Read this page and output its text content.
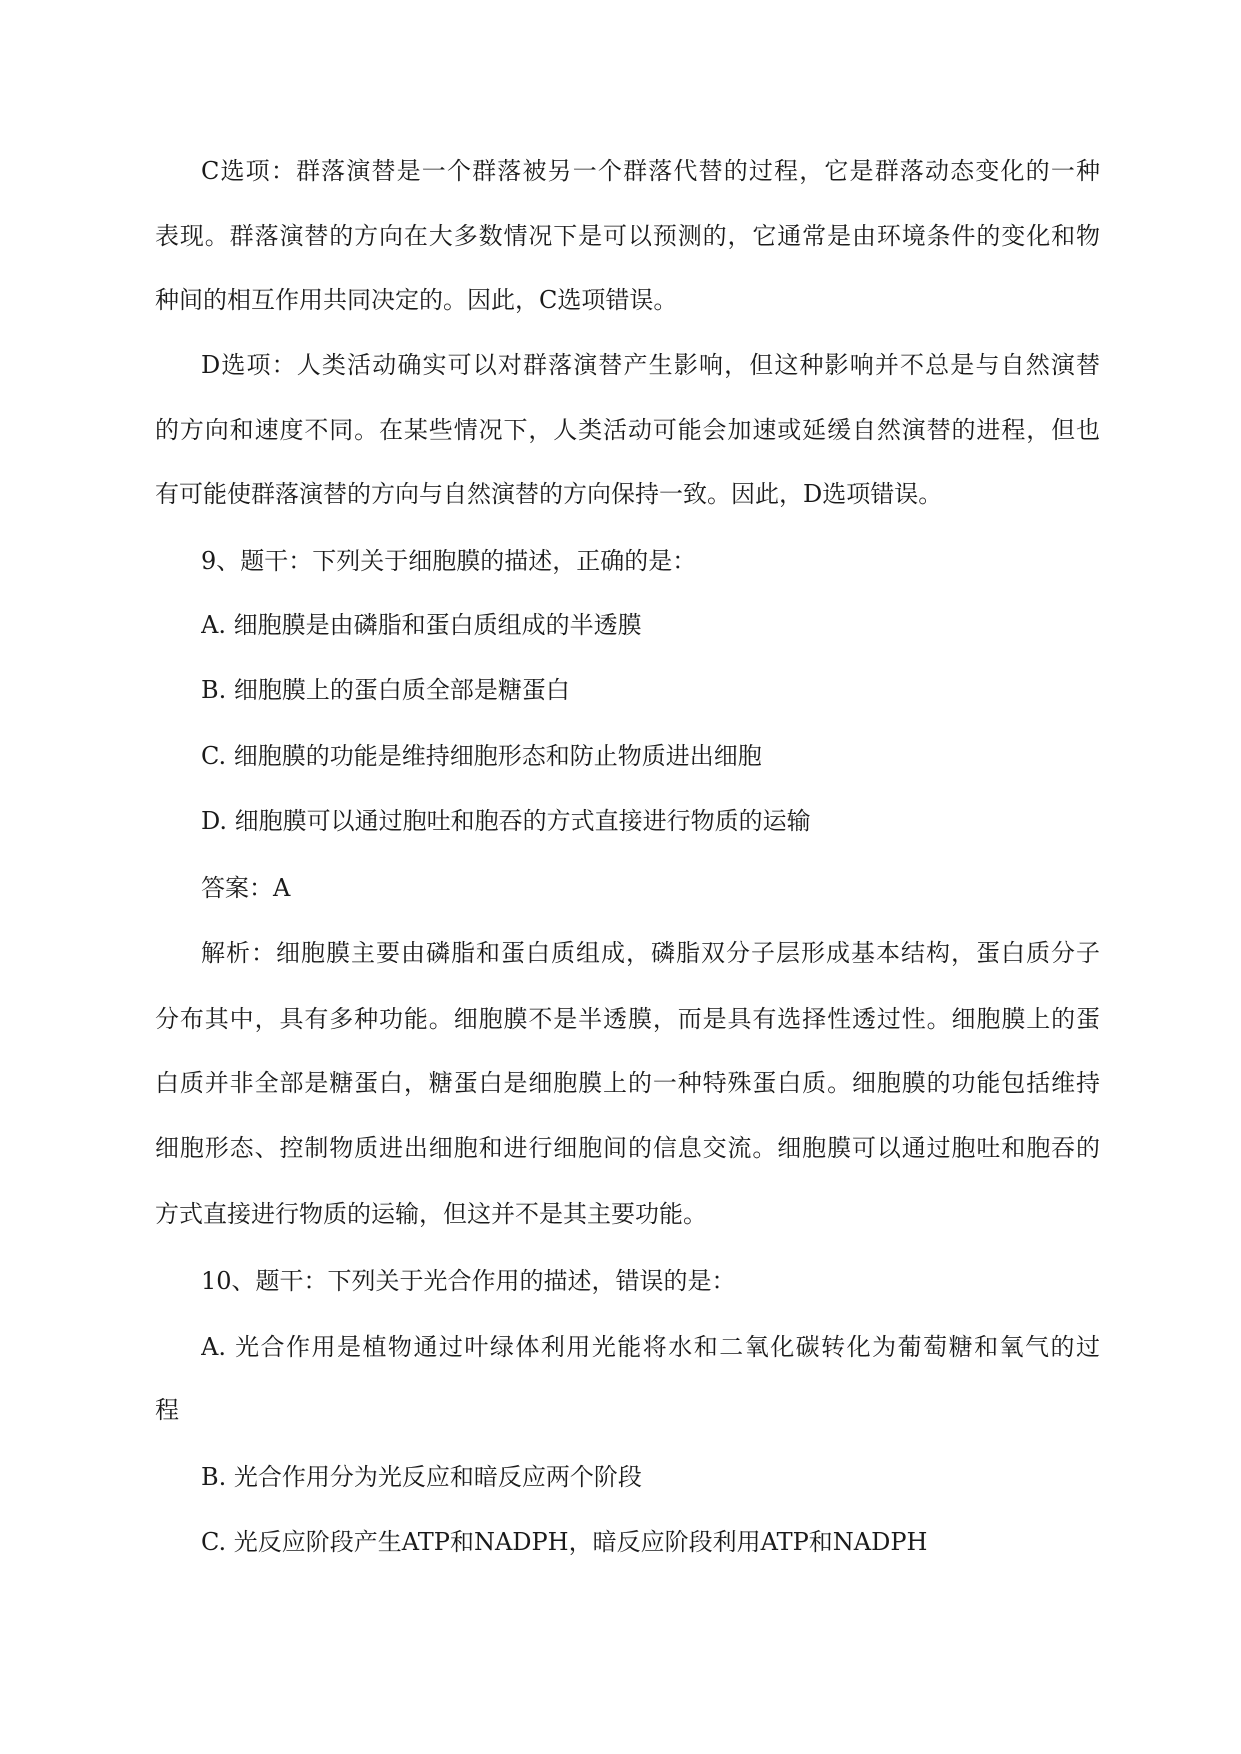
C选项：群落演替是一个群落被另一个群落代替的过程，它是群落动态变化的一种

表现。群落演替的方向在大多数情况下是可以预测的，它通常是由环境条件的变化和物

种间的相互作用共同决定的。因此，C选项错误。

D选项：人类活动确实可以对群落演替产生影响，但这种影响并不总是与自然演替

的方向和速度不同。在某些情况下，人类活动可能会加速或延缓自然演替的进程，但也

有可能使群落演替的方向与自然演替的方向保持一致。因此，D选项错误。

9、题干：下列关于细胞膜的描述，正确的是：

A. 细胞膜是由磷脂和蛋白质组成的半透膜

B. 细胞膜上的蛋白质全部是糖蛋白

C. 细胞膜的功能是维持细胞形态和防止物质进出细胞

D. 细胞膜可以通过胞吐和胞吞的方式直接进行物质的运输

答案：A

解析：细胞膜主要由磷脂和蛋白质组成，磷脂双分子层形成基本结构，蛋白质分子

分布其中，具有多种功能。细胞膜不是半透膜，而是具有选择性透过性。细胞膜上的蛋

白质并非全部是糖蛋白，糖蛋白是细胞膜上的一种特殊蛋白质。细胞膜的功能包括维持

细胞形态、控制物质进出细胞和进行细胞间的信息交流。细胞膜可以通过胞吐和胞吞的

方式直接进行物质的运输，但这并不是其主要功能。

10、题干：下列关于光合作用的描述，错误的是：

A. 光合作用是植物通过叶绿体利用光能将水和二氧化碳转化为葡萄糖和氧气的过

程

B. 光合作用分为光反应和暗反应两个阶段

C. 光反应阶段产生ATP和NADPH，暗反应阶段利用ATP和NADPH
